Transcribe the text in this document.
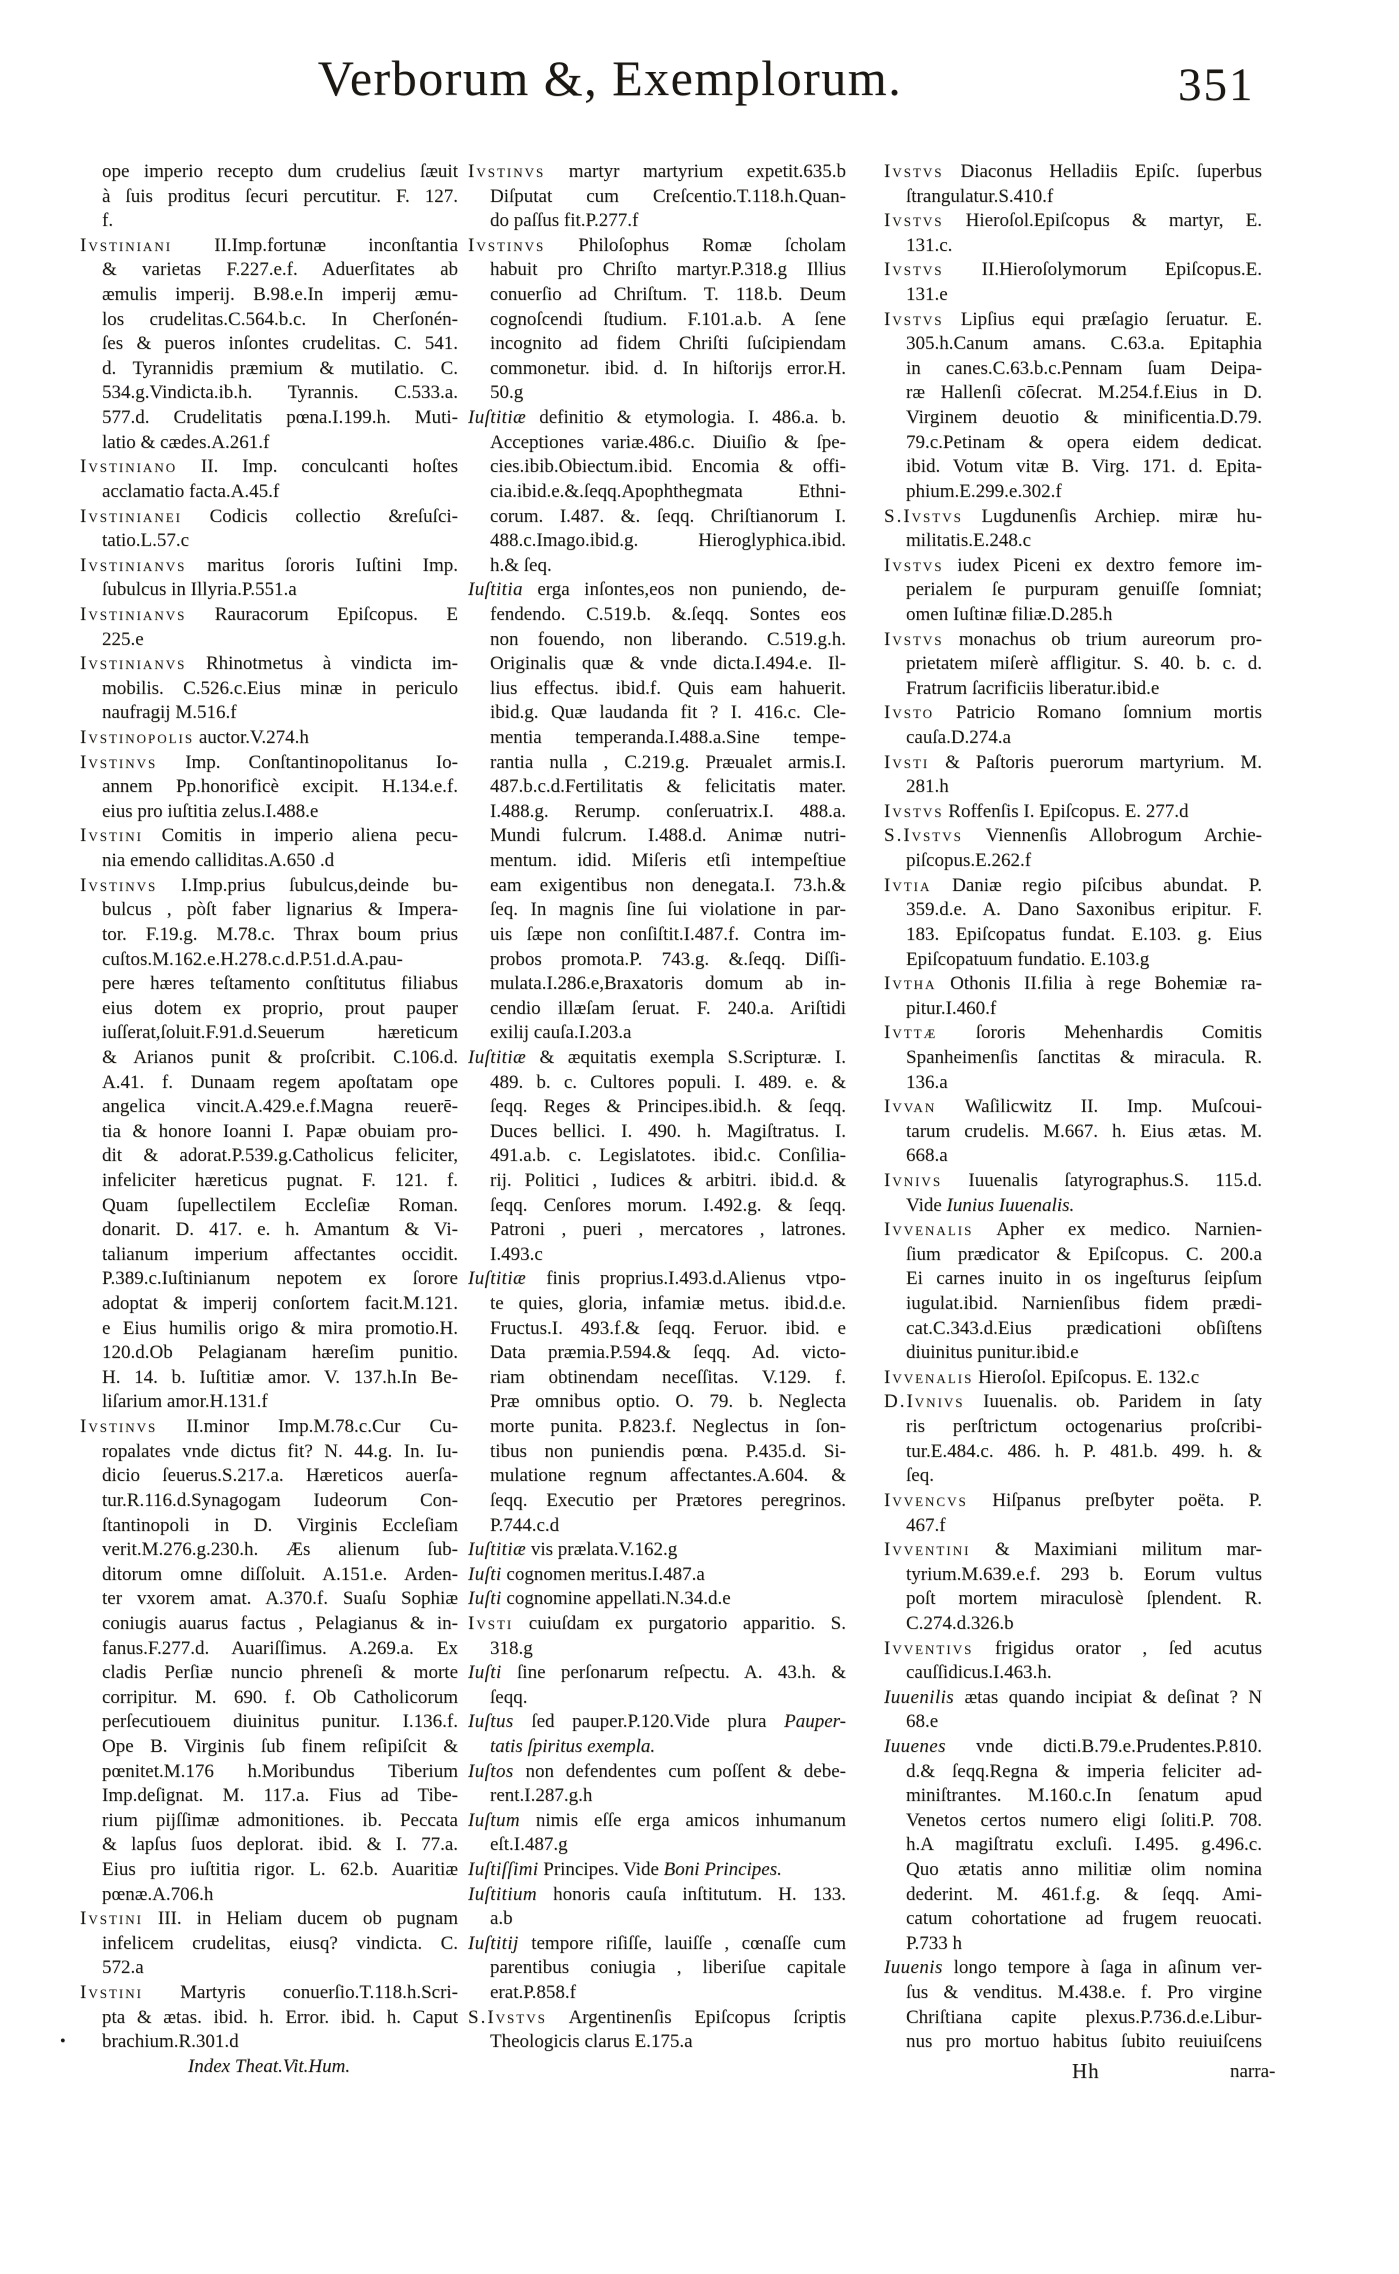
Verborum &, Exemplorum.	351
ope imperio recepto dum crudelius ſæuit
à ſuis proditus ſecuri percutitur. F. 127.
f.
Ivstiniani II.Imp.fortunæ inconſtantia
& varietas F.227.e.f. Aduerſitates ab
æmulis imperij. B.98.e.In imperij æmu-
los crudelitas.C.564.b.c. In Cherſonén-
ſes & pueros inſontes crudelitas. C. 541.
d. Tyrannidis præmium & mutilatio. C.
534.g.Vindicta.ib.h. Tyrannis. C.533.a.
577.d. Crudelitatis pœna.I.199.h. Muti-
latio & cædes.A.261.f
Ivstiniano II. Imp. conculcanti hoſtes
acclamatio facta.A.45.f
Ivstinianei Codicis collectio &reſuſci-
tatio.L.57.c
Ivstinianvs maritus ſororis Iuſtini Imp.
ſubulcus in Illyria.P.551.a
Ivstinianvs Rauracorum Epiſcopus. E
225.e
Ivstinianvs Rhinotmetus à vindicta im-
mobilis. C.526.c.Eius minæ in periculo
naufragij M.516.f
Ivstinopolis auctor.V.274.h
Ivstinvs Imp. Conſtantinopolitanus Io-
annem Pp.honorificè excipit. H.134.e.f.
eius pro iuſtitia zelus.I.488.e
Ivstini Comitis in imperio aliena pecu-
nia emendo calliditas.A.650 .d
Ivstinvs I.Imp.prius ſubulcus,deinde bu-
bulcus , pòſt faber lignarius & Impera-
tor. F.19.g. M.78.c. Thrax boum prius
cuſtos.M.162.e.H.278.c.d.P.51.d.A.pau-
pere hæres teſtamento conſtitutus filiabus
eius dotem ex proprio, prout pauper
iuſſerat,ſoluit.F.91.d.Seuerum hæreticum
& Arianos punit & proſcribit. C.106.d.
A.41. f. Dunaam regem apoſtatam ope
angelica vincit.A.429.e.f.Magna reuerē-
tia & honore Ioanni I. Papæ obuiam pro-
dit & adorat.P.539.g.Catholicus feliciter,
infeliciter hæreticus pugnat. F. 121. f.
Quam ſupellectilem Eccleſiæ Roman.
donarit. D. 417. e. h. Amantum & Vi-
talianum imperium affectantes occidit.
P.389.c.Iuſtinianum nepotem ex ſorore
adoptat & imperij conſortem facit.M.121.
e Eius humilis origo & mira promotio.H.
120.d.Ob Pelagianam hæreſim punitio.
H. 14. b. Iuſtitiæ amor. V. 137.h.In Be-
liſarium amor.H.131.f
Ivstinvs II.minor Imp.M.78.c.Cur Cu-
ropalates vnde dictus fit? N. 44.g. In. Iu-
dicio ſeuerus.S.217.a. Hæreticos auerſa-
tur.R.116.d.Synagogam Iudeorum Con-
ſtantinopoli in D. Virginis Eccleſiam
verit.M.276.g.230.h. Æs alienum ſub-
ditorum omne diſſoluit. A.151.e. Arden-
ter vxorem amat. A.370.f. Suaſu Sophiæ
coniugis auarus factus , Pelagianus & in-
fanus.F.277.d. Auariſſimus. A.269.a. Ex
cladis Perſiæ nuncio phreneſi & morte
corripitur. M. 690. f. Ob Catholicorum
perſecutiouem diuinitus punitur. I.136.f.
Ope B. Virginis ſub finem reſipiſcit &
pœnitet.M.176 h.Moribundus Tiberium
Imp.deſignat. M. 117.a. Fius ad Tibe-
rium pijſſimæ admonitiones. ib. Peccata
& lapſus ſuos deplorat. ibid. & I. 77.a.
Eius pro iuſtitia rigor. L. 62.b. Auaritiæ
pœnæ.A.706.h
Ivstini III. in Heliam ducem ob pugnam
infelicem crudelitas, eiusq? vindicta. C.
572.a
Ivstini Martyris conuerſio.T.118.h.Scri-
pta & ætas. ibid. h. Error. ibid. h. Caput
• brachium.R.301.d
Index Theat.Vit.Hum.
Ivstinvs martyr martyrium expetit.635.b
Diſputat cum Creſcentio.T.118.h.Quan-
do paſſus fit.P.277.f
Ivstinvs Philoſophus Romæ ſcholam
habuit pro Chriſto martyr.P.318.g Illius
conuerſio ad Chriſtum. T. 118.b. Deum
cognoſcendi ſtudium. F.101.a.b. A ſene
incognito ad fidem Chriſti ſuſcipiendam
commonetur. ibid. d. In hiſtorijs error.H.
50.g
Iuſtitiæ definitio & etymologia. I. 486.a. b.
Acceptiones variæ.486.c. Diuiſio & ſpe-
cies.ibib.Obiectum.ibid. Encomia & offi-
cia.ibid.e.&.ſeqq.Apophthegmata Ethni-
corum. I.487. &. ſeqq. Chriſtianorum I.
488.c.Imago.ibid.g. Hieroglyphica.ibid.
h.& ſeq.
Iuſtitia erga inſontes,eos non puniendo, de-
fendendo. C.519.b. &.ſeqq. Sontes eos
non fouendo, non liberando. C.519.g.h.
Originalis quæ & vnde dicta.I.494.e. Il-
lius effectus. ibid.f. Quis eam hahuerit.
ibid.g. Quæ laudanda fit ? I. 416.c. Cle-
mentia temperanda.I.488.a.Sine tempe-
rantia nulla , C.219.g. Præualet armis.I.
487.b.c.d.Fertilitatis & felicitatis mater.
I.488.g. Rerump. conſeruatrix.I. 488.a.
Mundi fulcrum. I.488.d. Animæ nutri-
mentum. idid. Miſeris etſi intempeſtiue
eam exigentibus non denegata.I. 73.h.&
ſeq. In magnis ſine ſui violatione in par-
uis ſæpe non conſiſtit.I.487.f. Contra im-
probos promota.P. 743.g. &.ſeqq. Diſſi-
mulata.I.286.e,Braxatoris domum ab in-
cendio illæſam ſeruat. F. 240.a. Ariſtidi
exilij cauſa.I.203.a
Iuſtitiæ & æquitatis exempla S.Scripturæ. I.
489. b. c. Cultores populi. I. 489. e. &
ſeqq. Reges & Principes.ibid.h. & ſeqq.
Duces bellici. I. 490. h. Magiſtratus. I.
491.a.b. c. Legislatotes. ibid.c. Conſilia-
rij. Politici , Iudices & arbitri. ibid.d. &
ſeqq. Cenſores morum. I.492.g. & ſeqq.
Patroni , pueri , mercatores , latrones.
I.493.c
Iuſtitiæ finis proprius.I.493.d.Alienus vtpo-
te quies, gloria, infamiæ metus. ibid.d.e.
Fructus.I. 493.f.& ſeqq. Feruor. ibid. e
Data præmia.P.594.& ſeqq. Ad. victo-
riam obtinendam neceſſitas. V.129. f.
Præ omnibus optio. O. 79. b. Neglecta
morte punita. P.823.f. Neglectus in ſon-
tibus non puniendis pœna. P.435.d. Si-
mulatione regnum affectantes.A.604. &
ſeqq. Executio per Prætores peregrinos.
P.744.c.d
Iuſtitiæ vis prælata.V.162.g
Iuſti cognomen meritus.I.487.a
Iuſti cognomine appellati.N.34.d.e
Ivsti cuiuſdam ex purgatorio apparitio. S.
318.g
Iuſti ſine perſonarum reſpectu. A. 43.h. &
ſeqq.
Iuſtus ſed pauper.P.120.Vide plura Pauper-
tatis ſpiritus exempla.
Iuſtos non defendentes cum poſſent & debe-
rent.I.287.g.h
Iuſtum nimis eſſe erga amicos inhumanum
eſt.I.487.g
Iuſtiſſimi Principes. Vide Boni Principes.
Iuſtitium honoris cauſa inſtitutum. H. 133.
a.b
Iuſtitij tempore riſiſſe, lauiſſe , cœnaſſe cum
parentibus coniugia , liberiſue capitale
erat.P.858.f
S.Ivstvs Argentinenſis Epiſcopus ſcriptis
Theologicis clarus E.175.a
Ivstvs Diaconus Helladiis Epiſc. ſuperbus
ſtrangulatur.S.410.f
Ivstvs Hieroſol.Epiſcopus & martyr, E.
131.c.
Ivstvs II.Hieroſolymorum Epiſcopus.E.
131.e
Ivstvs Lipſius equi præſagio ſeruatur. E.
305.h.Canum amans. C.63.a. Epitaphia
in canes.C.63.b.c.Pennam ſuam Deipa-
ræ Hallenſi cōſecrat. M.254.f.Eius in D.
Virginem deuotio & minificentia.D.79.
79.c.Petinam & opera eidem dedicat.
ibid. Votum vitæ B. Virg. 171. d. Epita-
phium.E.299.e.302.f
S.Ivstvs Lugdunenſis Archiep. miræ hu-
militatis.E.248.c
Ivstvs iudex Piceni ex dextro femore im-
perialem ſe purpuram genuiſſe ſomniat;
omen Iuſtinæ filiæ.D.285.h
Ivstvs monachus ob trium aureorum pro-
prietatem miſerè affligitur. S. 40. b. c. d.
Fratrum ſacrificiis liberatur.ibid.e
Ivsto Patricio Romano ſomnium mortis
cauſa.D.274.a
Ivsti & Paſtoris puerorum martyrium. M.
281.h
Ivstvs Roffenſis I. Epiſcopus. E. 277.d
S.Ivstvs Viennenſis Allobrogum Archie-
piſcopus.E.262.f
Ivtia Daniæ regio piſcibus abundat. P.
359.d.e. A. Dano Saxonibus eripitur. F.
183. Epiſcopatus fundat. E.103. g. Eius
Epiſcopatuum fundatio. E.103.g
Ivtha Othonis II.filia à rege Bohemiæ ra-
pitur.I.460.f
Ivttæ ſororis Mehenhardis Comitis
Spanheimenſis ſanctitas & miracula. R.
136.a
Ivvan Waſilicwitz II. Imp. Muſcoui-
tarum crudelis. M.667. h. Eius ætas. M.
668.a
Ivnivs Iuuenalis ſatyrographus.S. 115.d.
Vide Iunius Iuuenalis.
Ivvenalis Apher ex medico. Narnien-
ſium prædicator & Epiſcopus. C. 200.a
Ei carnes inuito in os ingeſturus ſeipſum
iugulat.ibid. Narnienſibus fidem prædi-
cat.C.343.d.Eius prædicationi obſiſtens
diuinitus punitur.ibid.e
Ivvenalis Hieroſol. Epiſcopus. E. 132.c
D.Ivnivs Iuuenalis. ob. Paridem in ſaty
ris perſtrictum octogenarius proſcribi-
tur.E.484.c. 486. h. P. 481.b. 499. h. &
ſeq.
Ivvencvs Hiſpanus preſbyter poëta. P.
467.f
Ivventini & Maximiani militum mar-
tyrium.M.639.e.f. 293 b. Eorum vultus
poſt mortem miraculosè ſplendent. R.
C.274.d.326.b
Ivventivs frigidus orator , ſed acutus
cauſſidicus.I.463.h.
Iuuenilis ætas quando incipiat & deſinat ? N
68.e
Iuuenes vnde dicti.B.79.e.Prudentes.P.810.
d.& ſeqq.Regna & imperia feliciter ad-
miniſtrantes. M.160.c.In ſenatum apud
Venetos certos numero eligi ſoliti.P. 708.
h.A magiſtratu excluſi. I.495. g.496.c.
Quo ætatis anno militiæ olim nomina
dederint. M. 461.f.g. & ſeqq. Ami-
catum cohortatione ad frugem reuocati.
P.733 h
Iuuenis longo tempore à ſaga in aſinum ver-
ſus & venditus. M.438.e. f. Pro virgine
Chriſtiana capite plexus.P.736.d.e.Libur-
nus pro mortuo habitus ſubito reuiuiſcens
Hh	narra-
